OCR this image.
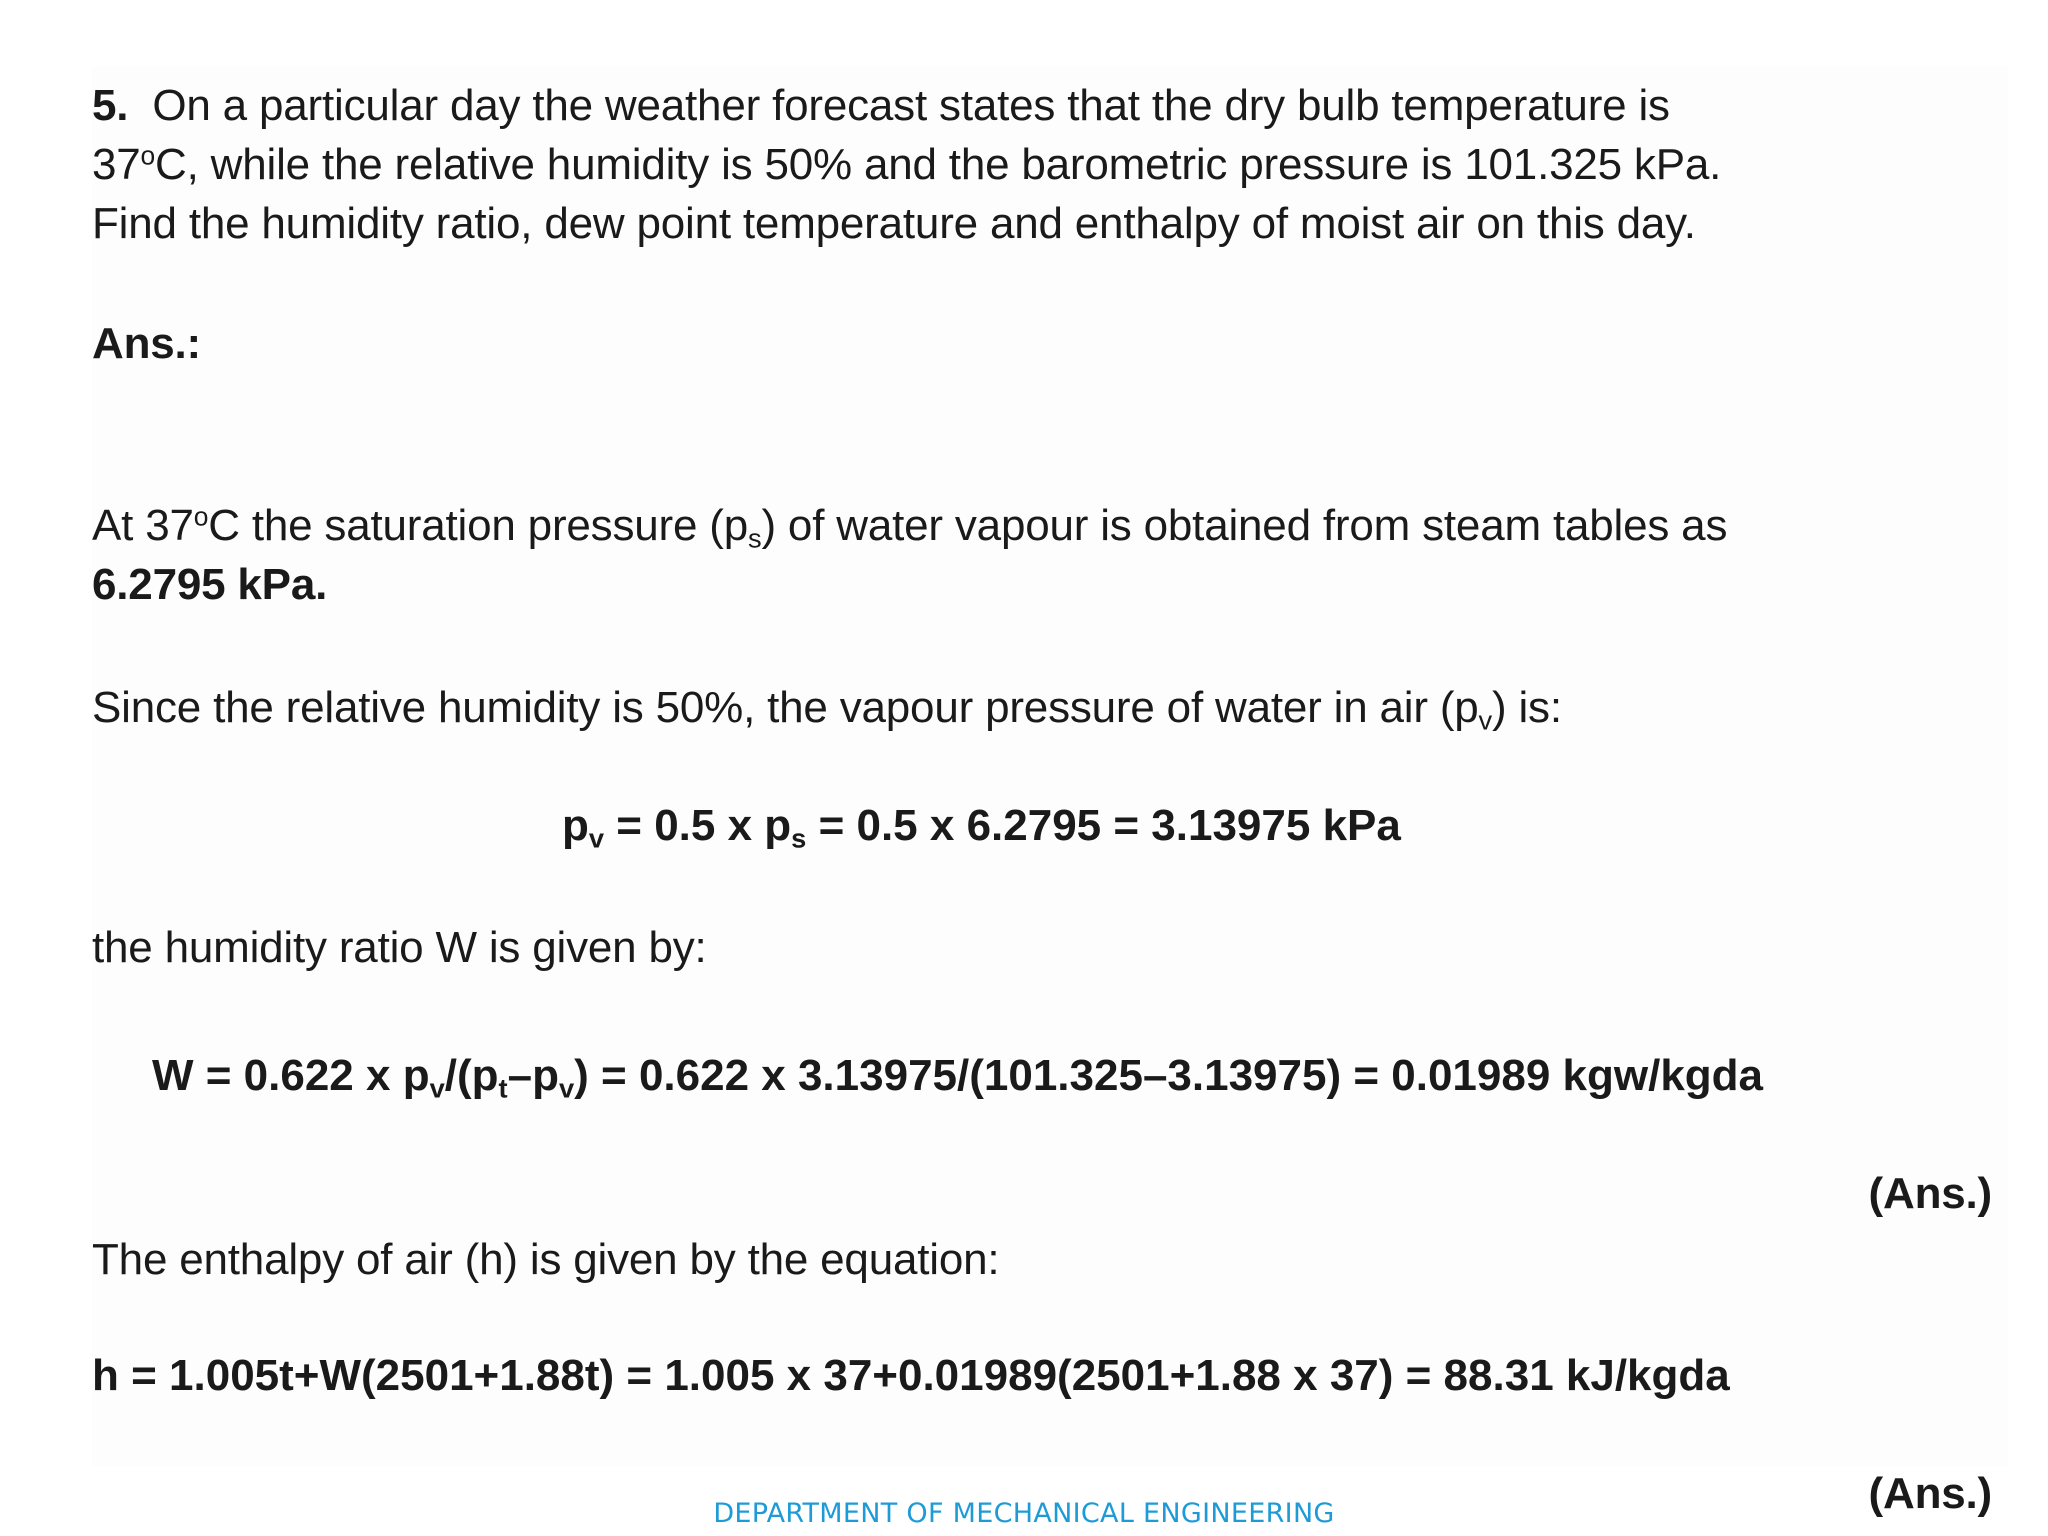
5. On a particular day the weather forecast states that the dry bulb temperature is
37$^o$C, while the relative humidity is 50% and the barometric pressure is 101.325 kPa.
Find the humidity ratio, dew point temperature and enthalpy of moist air on this day.
Ans.:
At 37$^o$C the saturation pressure $(p_s)$ of water vapour is obtained from steam tables as
6.2795 kPa.
Since the relative humidity is 50%, the vapour pressure of water in air $(p_v)$ is:
$p_v = 0.5$ x $p_s = 0.5$ x 6.2795 = 3.13975 kPa
the humidity ratio W is given by:
W = 0.622 x $p_v/(p_t-p_v) = 0.622$ x 3.13975/(101.325–3.13975) = 0.01989 kgw/kgda
(Ans.)
The enthalpy of air (h) is given by the equation:
h = 1.005t+W(2501+1.88t) = 1.005 x 37+0.01989(2501+1.88 x 37) = 88.31 kJ/kgda
(Ans.)
DEPARTMENT OF MECHANICAL ENGINEERING
